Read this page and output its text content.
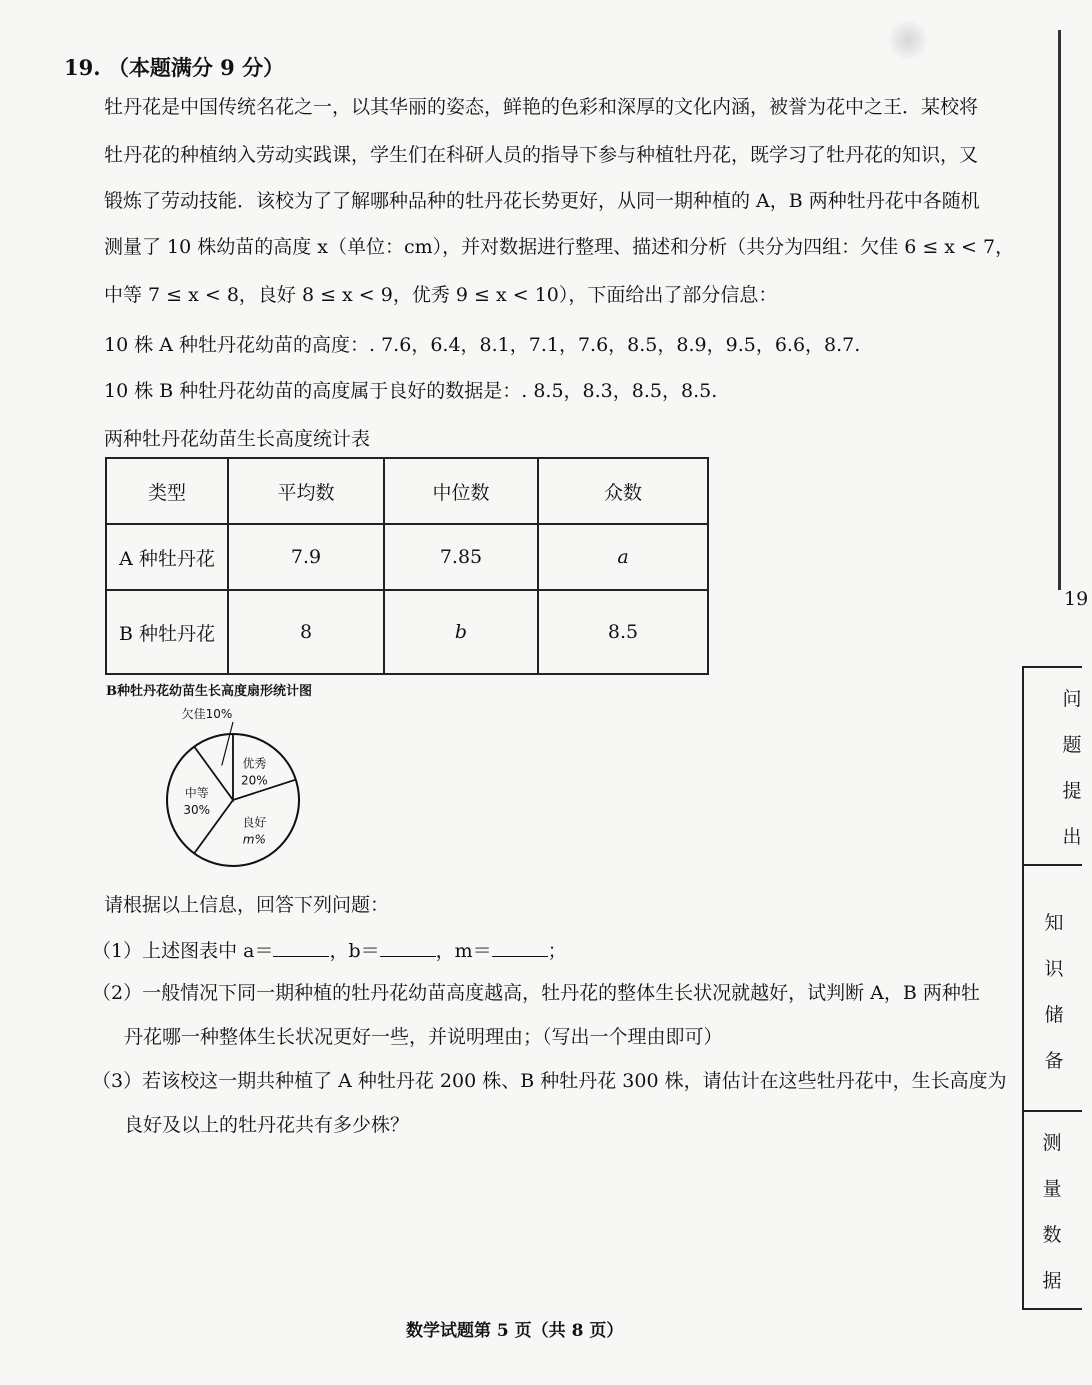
19. （本题满分 9 分）
牡丹花是中国传统名花之一，以其华丽的姿态，鲜艳的色彩和深厚的文化内涵，被誉为花中之王．某校将
牡丹花的种植纳入劳动实践课，学生们在科研人员的指导下参与种植牡丹花，既学习了牡丹花的知识，又
锻炼了劳动技能．该校为了了解哪种品种的牡丹花长势更好，从同一期种植的 A，B 两种牡丹花中各随机
测量了 10 株幼苗的高度 x（单位：cm），并对数据进行整理、描述和分析（共分为四组：欠佳 6 ≤ x < 7，
中等 7 ≤ x < 8，良好 8 ≤ x < 9，优秀 9 ≤ x < 10），下面给出了部分信息：
10 株 A 种牡丹花幼苗的高度：. 7.6，6.4，8.1，7.1，7.6，8.5，8.9，9.5，6.6，8.7.
10 株 B 种牡丹花幼苗的高度属于良好的数据是：. 8.5，8.3，8.5，8.5.
两种牡丹花幼苗生长高度统计表
类型	平均数	中位数	众数
A 种牡丹花	7.9	7.85	a
B 种牡丹花	8	b	8.5
B种牡丹花幼苗生长高度扇形统计图
欠佳10%
优秀
20%
良好
m%
中等
30%
请根据以上信息，回答下列问题：
（1）上述图表中 a＝	，b＝	，m＝	；
（2）一般情况下同一期种植的牡丹花幼苗高度越高，牡丹花的整体生长状况就越好，试判断 A，B 两种牡
丹花哪一种整体生长状况更好一些，并说明理由；（写出一个理由即可）
（3）若该校这一期共种植了 A 种牡丹花 200 株、B 种牡丹花 300 株，请估计在这些牡丹花中，生长高度为
良好及以上的牡丹花共有多少株？
数学试题第 5 页（共 8 页）
19
问
题
提
出
知
识
储
备
测
量
数
据
